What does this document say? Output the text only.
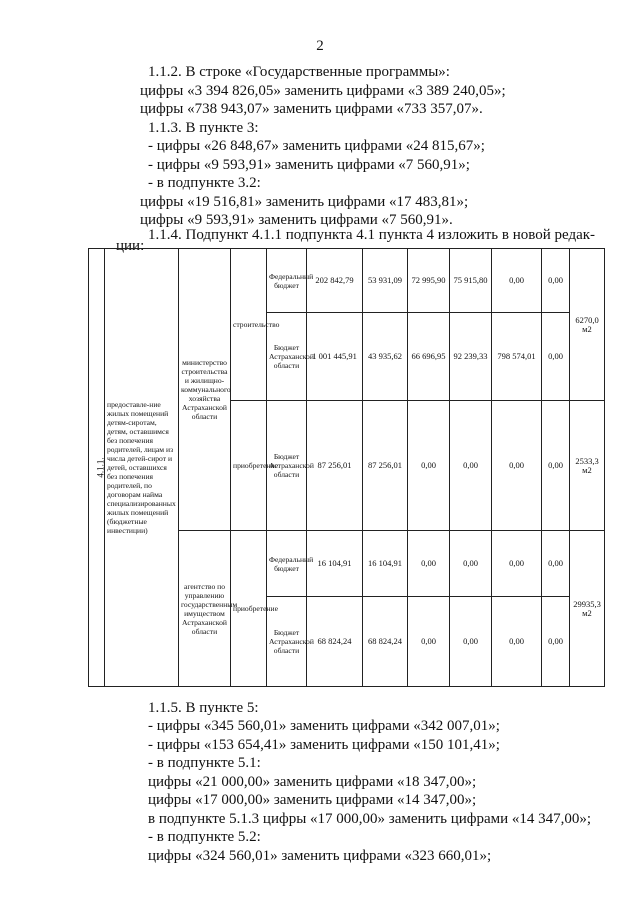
2
1.1.2. В строке «Государственные программы»:
цифры «3 394 826,05» заменить цифрами «3 389 240,05»;
цифры «738 943,07» заменить цифрами «733 357,07».
1.1.3. В пункте 3:
- цифры «26 848,67» заменить цифрами «24 815,67»;
- цифры «9 593,91» заменить цифрами «7 560,91»;
- в подпункте 3.2:
цифры «19 516,81» заменить цифрами «17 483,81»;
цифры «9 593,91» заменить цифрами «7 560,91».
1.1.4. Подпункт 4.1.1 подпункта 4.1 пункта 4 изложить в новой редак-
ции:
4.1.1.	предоставле-ние жилых помещений детям-сиротам, детям, оставшимся без попечения родителей, лицам из числа детей-сирот и детей, оставшихся без попечения родителей, по договорам найма специализированных жилых помещений (бюджетные инвестиции)	министерство строительства и жилищно-коммунального хозяйства Астраханской области	строительство	Федеральный бюджет	202 842,79	53 931,09	72 995,90	75 915,80	0,00	0,00	6270,0 м2
				Бюджет Астраханской области	1 001 445,91	43 935,62	66 696,95	92 239,33	798 574,01	0,00	
			приобретение	Бюджет Астраханской области	87 256,01	87 256,01	0,00	0,00	0,00	0,00	2533,3 м2
		агентство по управлению государственным имуществом Астраханской области	приобретение	Федеральный бюджет	16 104,91	16 104,91	0,00	0,00	0,00	0,00	29935,3 м2
				Бюджет Астраханской области	68 824,24	68 824,24	0,00	0,00	0,00	0,00	
1.1.5. В пункте 5:
- цифры «345 560,01» заменить цифрами «342 007,01»;
- цифры «153 654,41» заменить цифрами «150 101,41»;
- в подпункте 5.1:
цифры «21 000,00» заменить цифрами «18 347,00»;
цифры «17 000,00» заменить цифрами «14 347,00»;
в подпункте 5.1.3 цифры «17 000,00» заменить цифрами «14 347,00»;
- в подпункте 5.2:
цифры «324 560,01» заменить цифрами «323 660,01»;
